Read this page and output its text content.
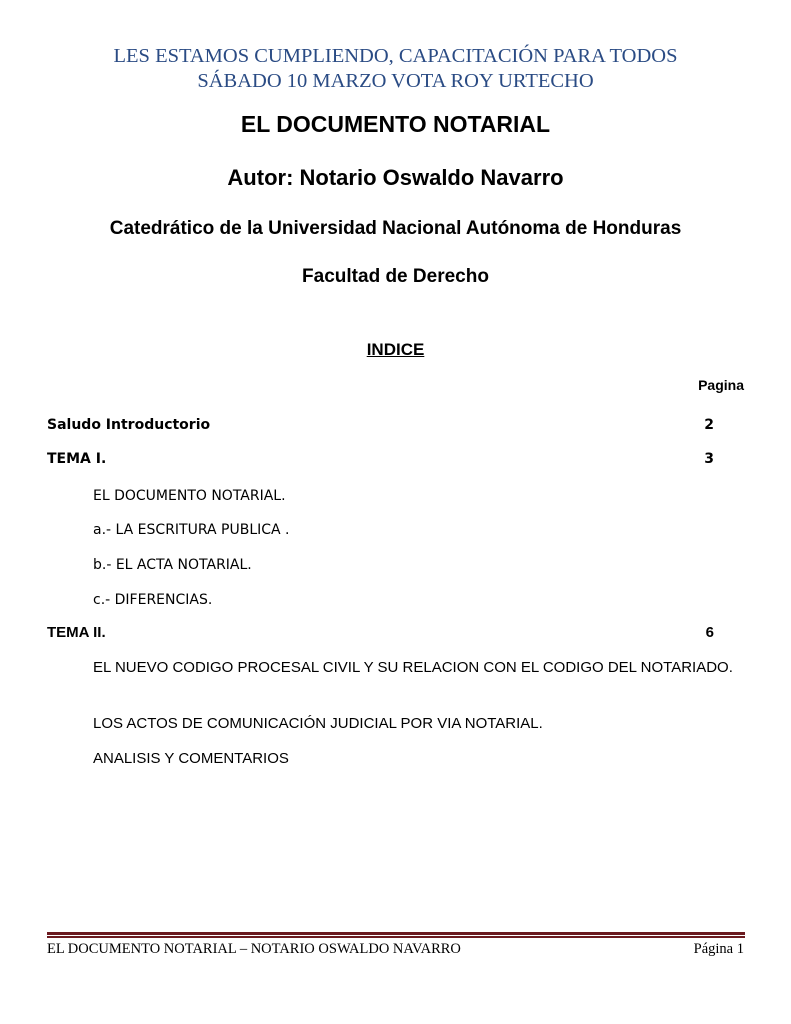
LES ESTAMOS CUMPLIENDO, CAPACITACIÓN PARA TODOS
SÁBADO 10 MARZO VOTA ROY URTECHO
EL DOCUMENTO NOTARIAL
Autor: Notario Oswaldo Navarro
Catedrático de la Universidad Nacional Autónoma de Honduras
Facultad de Derecho
INDICE
Pagina
Saludo Introductorio	2
TEMA I.	3
EL DOCUMENTO NOTARIAL.
a.- LA ESCRITURA PUBLICA .
b.- EL ACTA NOTARIAL.
c.- DIFERENCIAS.
TEMA II.	6
EL NUEVO CODIGO PROCESAL CIVIL Y SU RELACION CON EL CODIGO DEL NOTARIADO.
LOS ACTOS DE COMUNICACIÓN JUDICIAL POR VIA NOTARIAL.
ANALISIS Y COMENTARIOS
EL DOCUMENTO NOTARIAL – NOTARIO OSWALDO NAVARRO	Página 1
